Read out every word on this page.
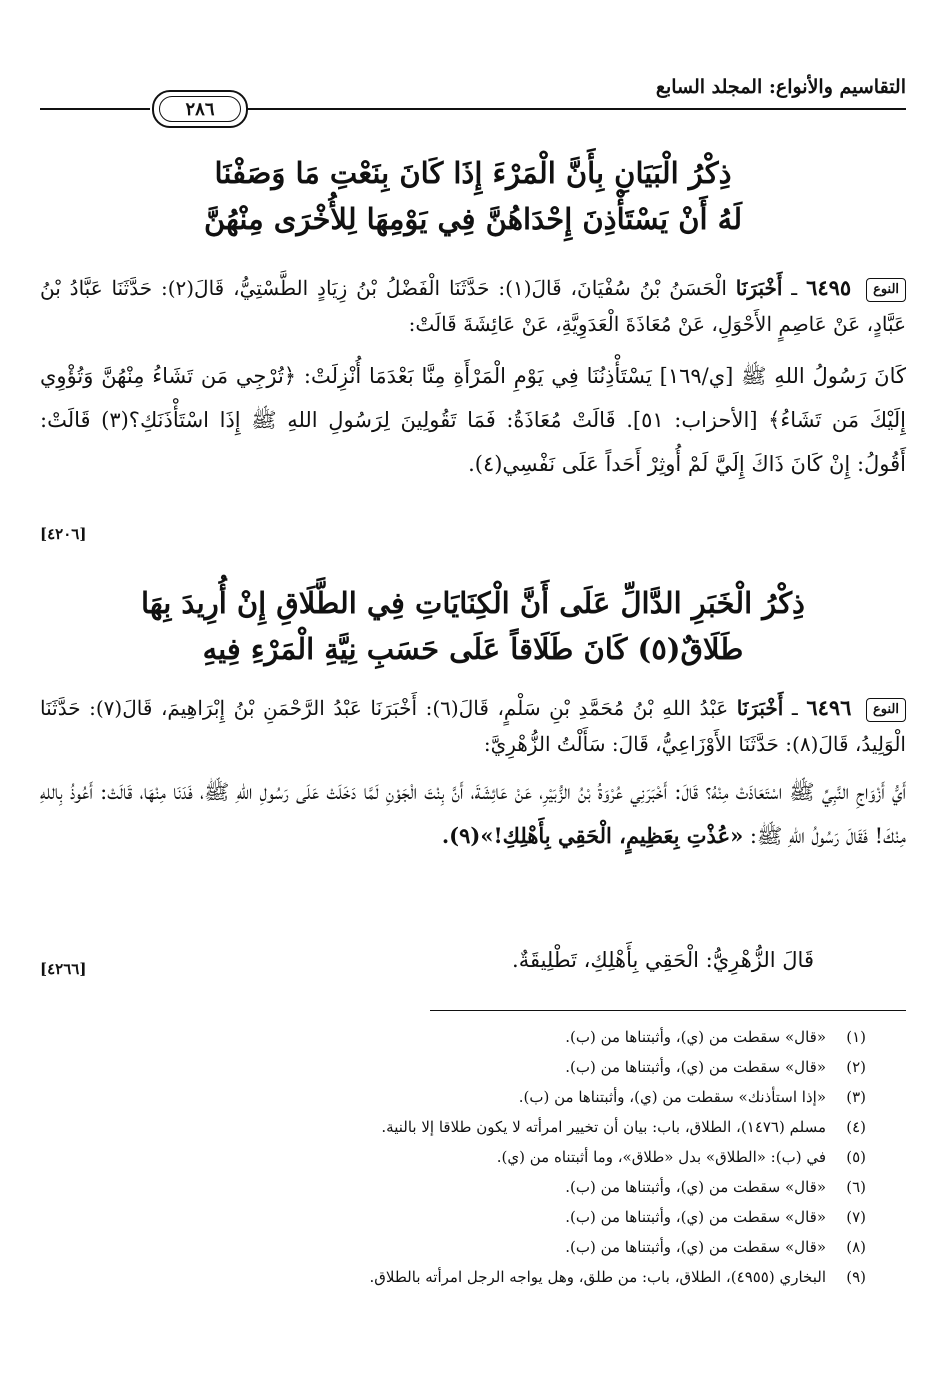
التقاسيم والأنواع: المجلد السابع
٢٨٦

ذِكْرُ الْبَيَانِ بِأَنَّ الْمَرْءَ إِذَا كَانَ بِنَعْتِ مَا وَصَفْنَا

لَهُ أَنْ يَسْتَأْذِنَ إِحْدَاهُنَّ فِي يَوْمِهَا لِلأُخْرَى مِنْهُنَّ

النوع ٦٤٩٥ ـ أَخْبَرَنَا الْحَسَنُ بْنُ سُفْيَانَ، قَالَ(١): حَدَّثَنَا الْفَضْلُ بْنُ زِيَادٍ الطَّسْتِيُّ، قَالَ(٢): حَدَّثَنَا عَبَّادُ بْنُ عَبَّادٍ، عَنْ عَاصِمٍ الأَحْوَلِ، عَنْ مُعَاذَةَ الْعَدَوِيَّةِ، عَنْ عَائِشَةَ قَالَتْ:
كَانَ رَسُولُ اللهِ ﷺ [ي/١٦٩] يَسْتَأْذِنُنَا فِي يَوْمِ الْمَرْأَةِ مِنَّا بَعْدَمَا أُنْزِلَتْ: ﴿تُرْجِي مَن تَشَاءُ مِنْهُنَّ وَتُؤْوِي إِلَيْكَ مَن تَشَاءُ﴾ [الأحزاب: ٥١]. قَالَتْ مُعَاذَةُ: فَمَا تَقُولِينَ لِرَسُولِ اللهِ ﷺ إِذَا اسْتَأْذَنَكِ؟(٣) قَالَتْ: أَقُولُ: إِنْ كَانَ ذَاكَ إِلَيَّ لَمْ أُوثِرْ أَحَداً عَلَى نَفْسِي(٤).
[٤٢٠٦]

ذِكْرُ الْخَبَرِ الدَّالِّ عَلَى أَنَّ الْكِنَايَاتِ فِي الطَّلَاقِ إِنْ أُرِيدَ بِهَا

طَلَاقٌ(٥) كَانَ طَلَاقاً عَلَى حَسَبِ نِيَّةِ الْمَرْءِ فِيهِ

النوع ٦٤٩٦ ـ أَخْبَرَنَا عَبْدُ اللهِ بْنُ مُحَمَّدِ بْنِ سَلْمٍ، قَالَ(٦): أَخْبَرَنَا عَبْدُ الرَّحْمَنِ بْنُ إِبْرَاهِيمَ، قَالَ(٧): حَدَّثَنَا الْوَلِيدُ، قَالَ(٨): حَدَّثَنَا الأَوْزَاعِيُّ، قَالَ: سَأَلْتُ الزُّهْرِيَّ:
أَيُّ أَزْوَاجِ النَّبِيِّ ﷺ اسْتَعَاذَتْ مِنْهُ؟ قَالَ: أَخْبَرَنِي عُرْوَةُ بْنُ الزُّبَيْرِ، عَنْ عَائِشَةَ، أَنَّ بِنْتَ الْجَوْنِ لَمَّا دَخَلَتْ عَلَى رَسُولِ اللهِ ﷺ، فَدَنَا مِنْهَا، قَالَتْ: أَعُوذُ بِاللهِ مِنْكَ! فَقَالَ رَسُولُ اللهِ ﷺ: «عُذْتِ بِعَظِيمٍ، الْحَقِي بِأَهْلِكِ!»(٩).
قَالَ الزُّهْرِيُّ: الْحَقِي بِأَهْلِكِ، تَطْلِيقَةٌ.
[٤٢٦٦]
(١)
«قال» سقطت من (ي)، وأثبتناها من (ب).
(٢)
«قال» سقطت من (ي)، وأثبتناها من (ب).
(٣)
«إذا استأذنك» سقطت من (ي)، وأثبتناها من (ب).
(٤)
مسلم (١٤٧٦)، الطلاق، باب: بيان أن تخيير امرأته لا يكون طلاقا إلا بالنية.
(٥)
في (ب): «الطلاق» بدل «طلاق»، وما أثبتناه من (ي).
(٦)
«قال» سقطت من (ي)، وأثبتناها من (ب).
(٧)
«قال» سقطت من (ي)، وأثبتناها من (ب).
(٨)
«قال» سقطت من (ي)، وأثبتناها من (ب).
(٩)
البخاري (٤٩٥٥)، الطلاق، باب: من طلق، وهل يواجه الرجل امرأته بالطلاق.
